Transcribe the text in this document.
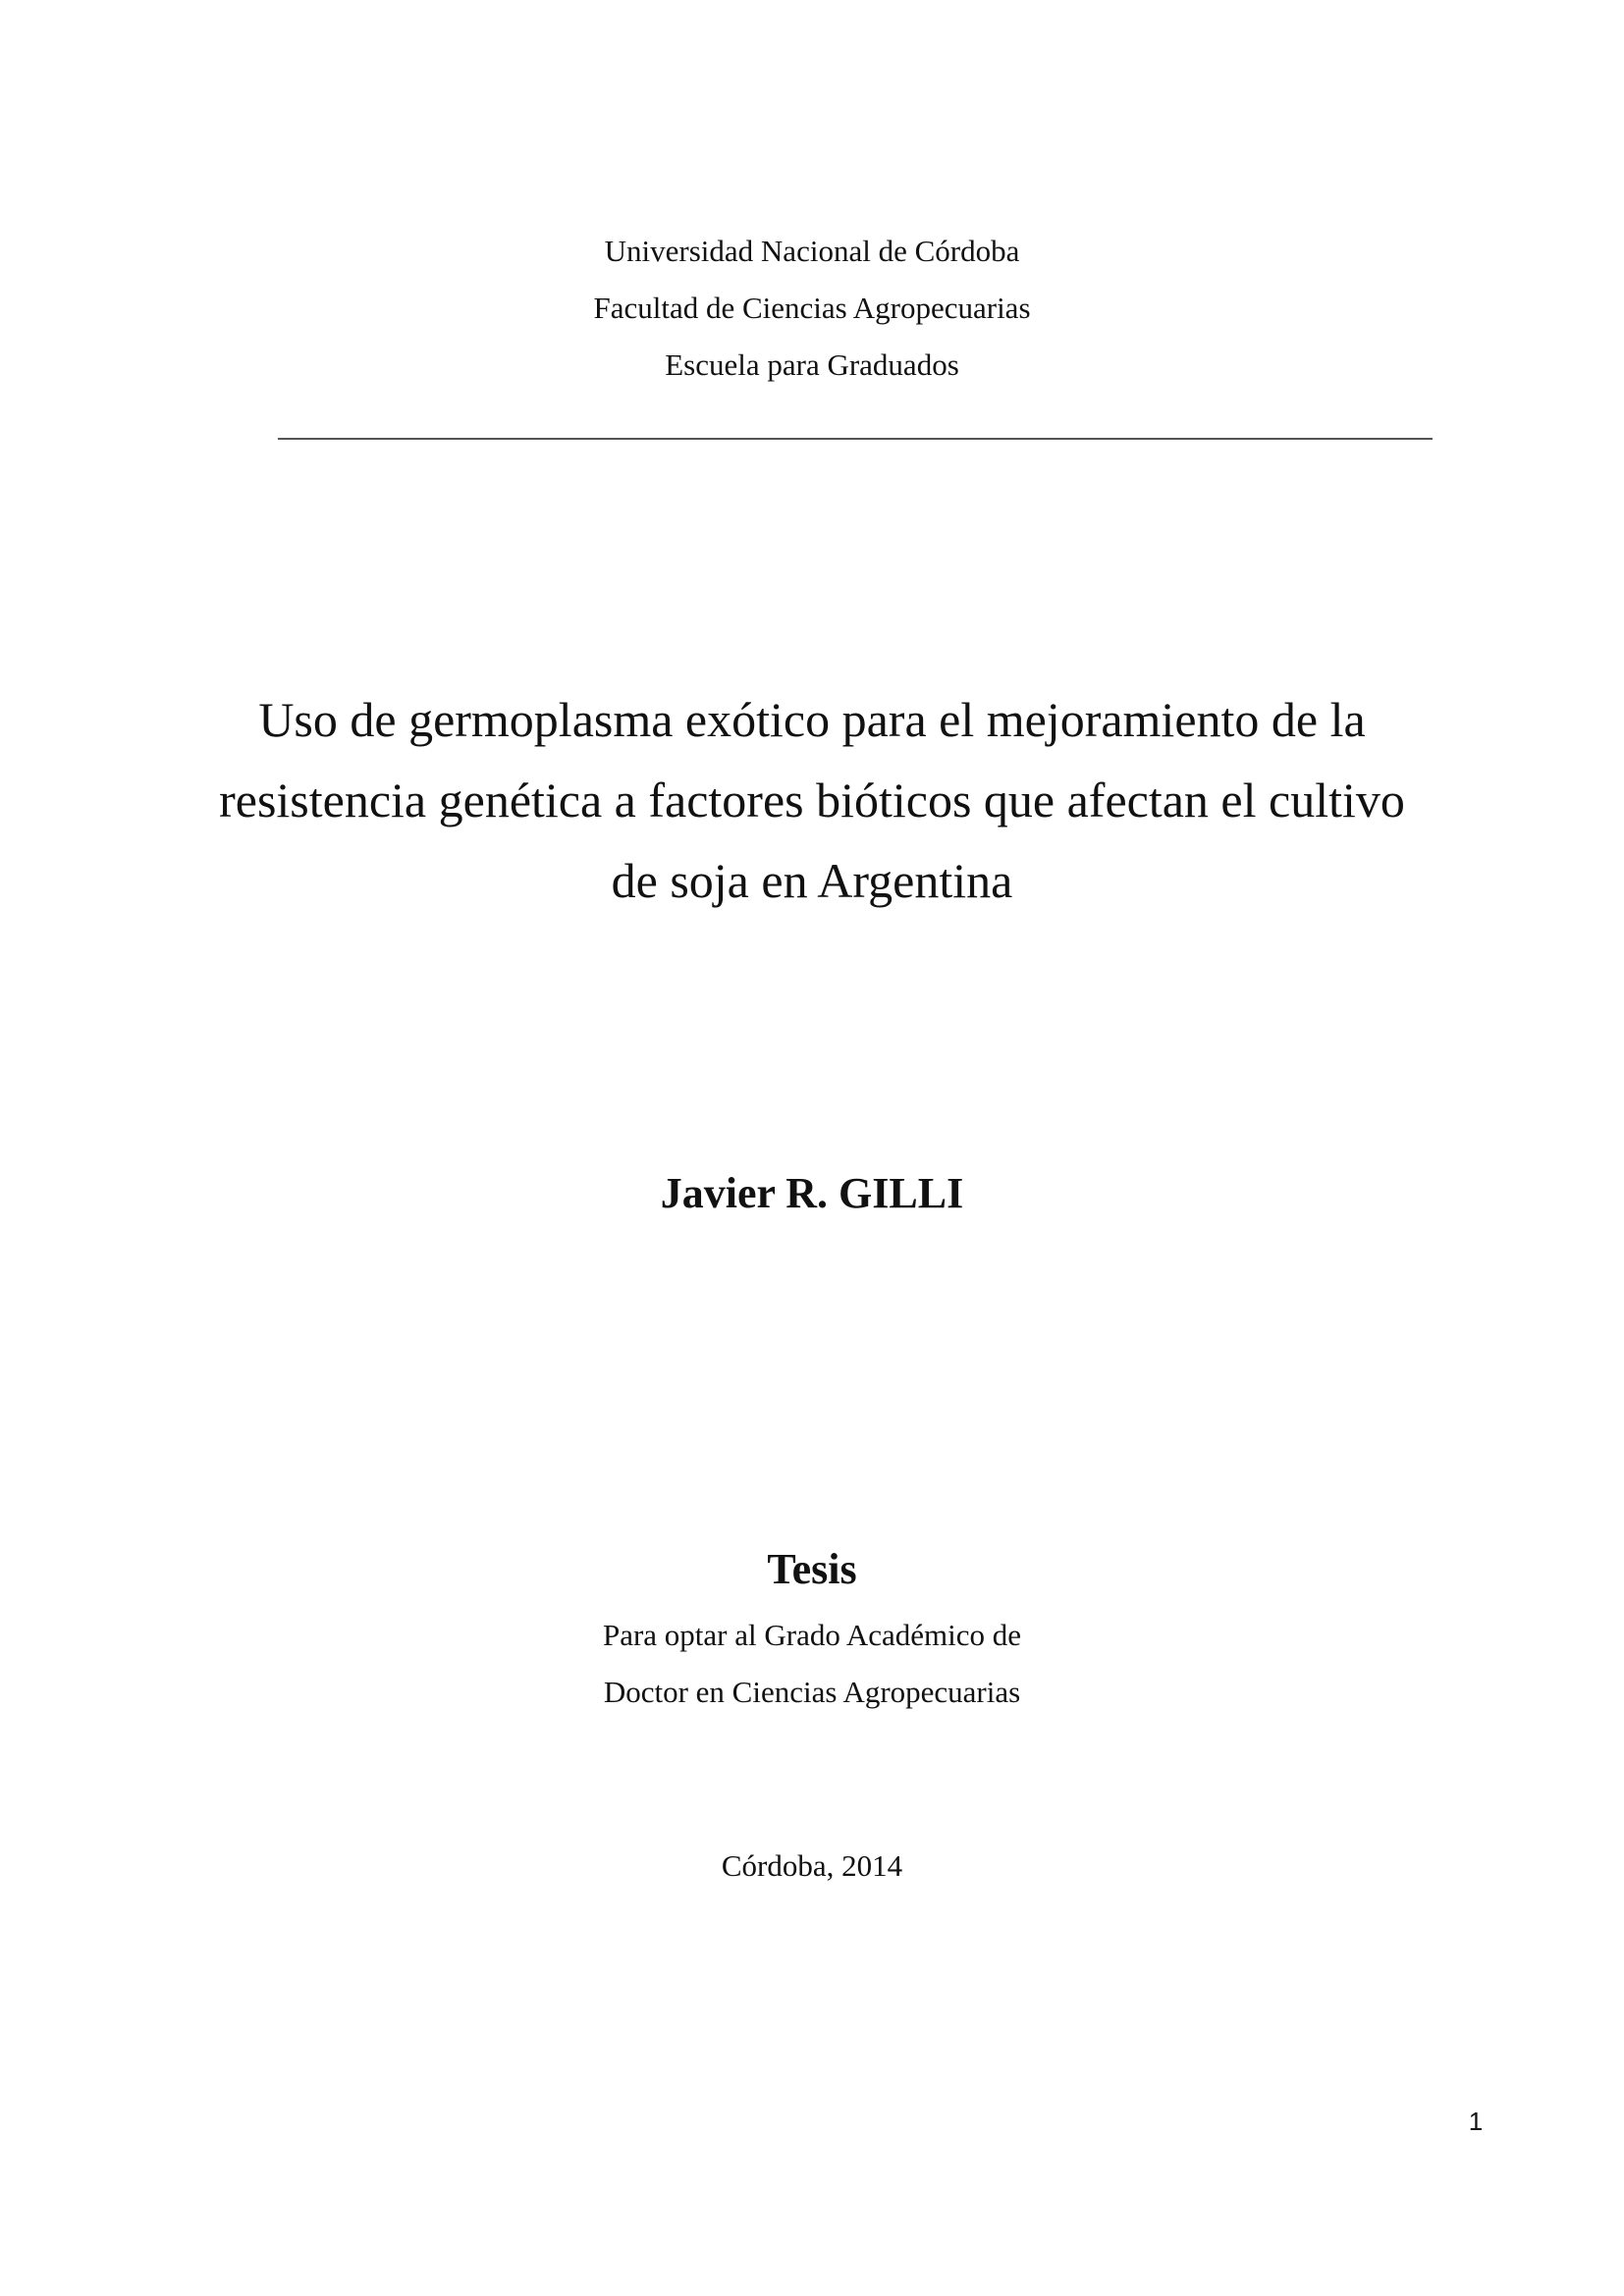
Universidad Nacional de Córdoba
Facultad de Ciencias Agropecuarias
Escuela para Graduados
Uso de germoplasma exótico para el mejoramiento de la
resistencia genética a factores bióticos que afectan el cultivo
de soja en Argentina
Javier R. GILLI
Tesis
Para optar al Grado Académico de
Doctor en Ciencias Agropecuarias
Córdoba, 2014
1
